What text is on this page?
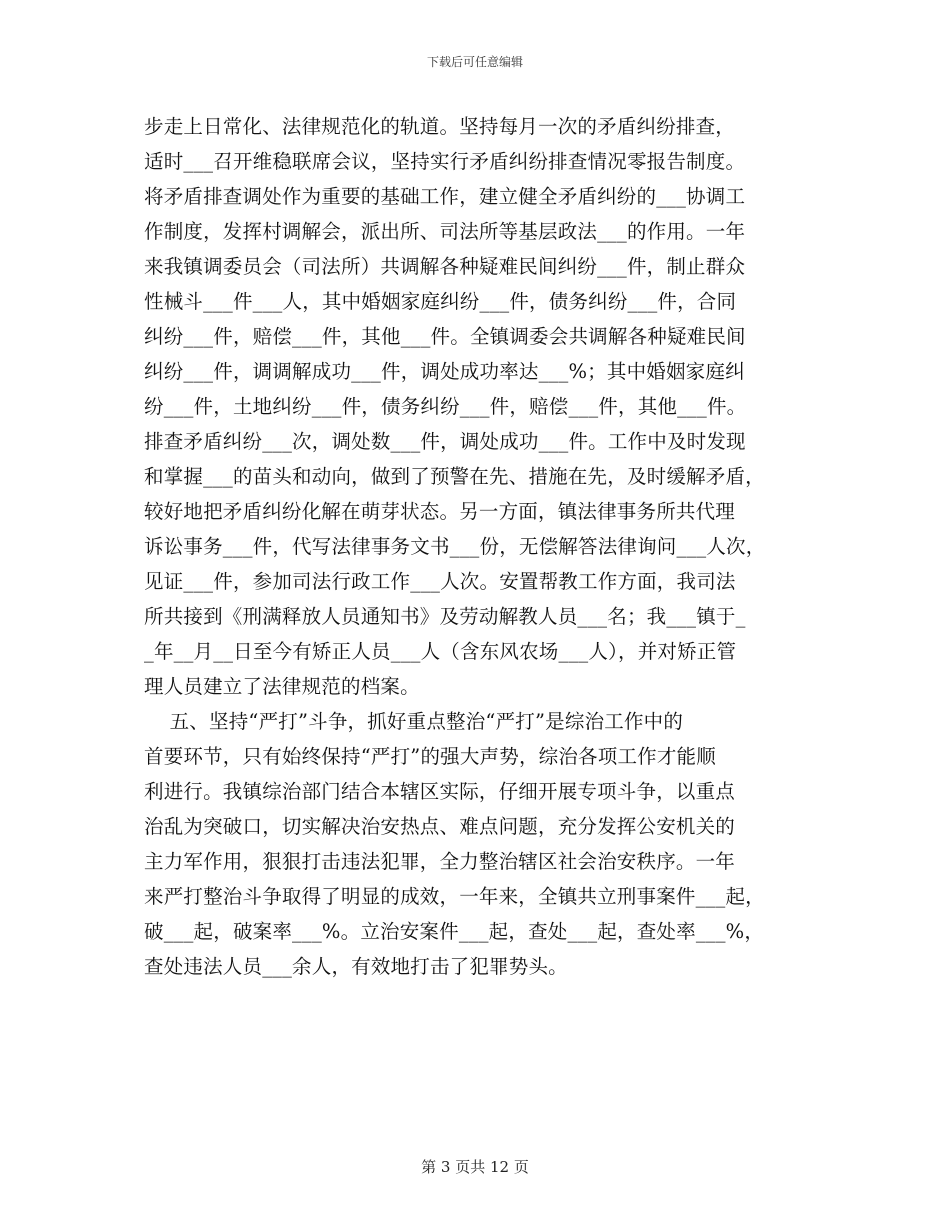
下载后可任意编辑
步走上日常化、法律规范化的轨道。坚持每月一次的矛盾纠纷排查，
适时___召开维稳联席会议，坚持实行矛盾纠纷排查情况零报告制度。
将矛盾排查调处作为重要的基础工作，建立健全矛盾纠纷的___协调工
作制度，发挥村调解会，派出所、司法所等基层政法___的作用。一年
来我镇调委员会（司法所）共调解各种疑难民间纠纷___件，制止群众
性械斗___件___人，其中婚姻家庭纠纷___件，债务纠纷___件，合同
纠纷___件，赔偿___件，其他___件。全镇调委会共调解各种疑难民间
纠纷___件，调调解成功___件，调处成功率达___%；其中婚姻家庭纠
纷___件，土地纠纷___件，债务纠纷___件，赔偿___件，其他___件。
排查矛盾纠纷___次，调处数___件，调处成功___件。工作中及时发现
和掌握___的苗头和动向，做到了预警在先、措施在先，及时缓解矛盾，
较好地把矛盾纠纷化解在萌芽状态。另一方面，镇法律事务所共代理
诉讼事务___件，代写法律事务文书___份，无偿解答法律询问___人次，
见证___件，参加司法行政工作___人次。安置帮教工作方面，我司法
所共接到《刑满释放人员通知书》及劳动解教人员___名；我___镇于_
_年__月__日至今有矫正人员___人（含东风农场___人），并对矫正管
理人员建立了法律规范的档案。
五、坚持“严打”斗争，抓好重点整治“严打”是综治工作中的
首要环节，只有始终保持“严打”的强大声势，综治各项工作才能顺
利进行。我镇综治部门结合本辖区实际，仔细开展专项斗争，以重点
治乱为突破口，切实解决治安热点、难点问题，充分发挥公安机关的
主力军作用，狠狠打击违法犯罪，全力整治辖区社会治安秩序。一年
来严打整治斗争取得了明显的成效，一年来，全镇共立刑事案件___起，
破___起，破案率___%。立治安案件___起，查处___起，查处率___%，
查处违法人员___余人，有效地打击了犯罪势头。
第 3 页共 12 页
